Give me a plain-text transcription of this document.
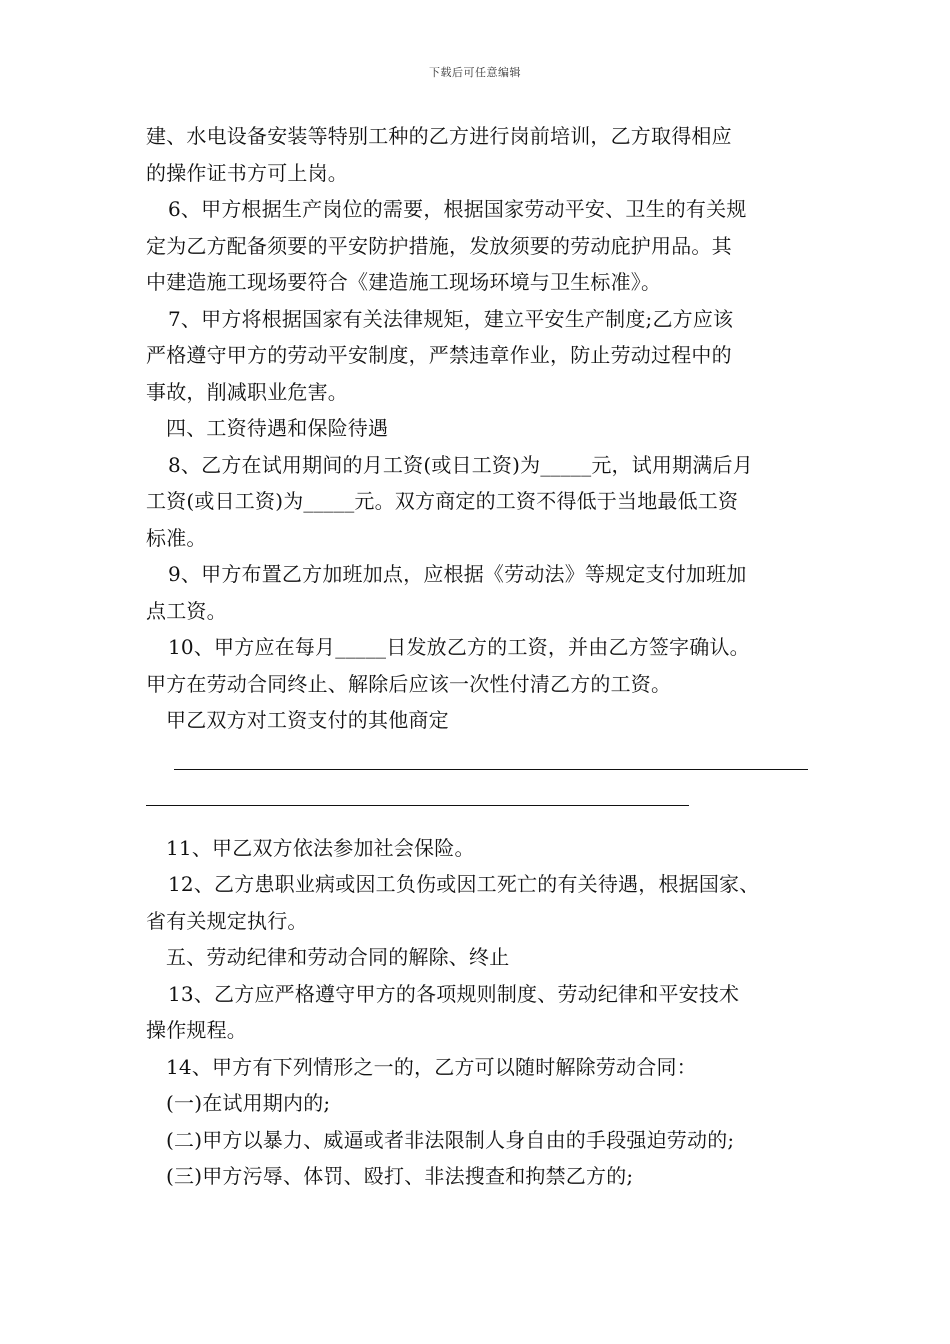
下载后可任意编辑
建、水电设备安装等特别工种的乙方进行岗前培训，乙方取得相应
的操作证书方可上岗。
6、甲方根据生产岗位的需要，根据国家劳动平安、卫生的有关规
定为乙方配备须要的平安防护措施，发放须要的劳动庇护用品。其
中建造施工现场要符合《建造施工现场环境与卫生标准》。
7、甲方将根据国家有关法律规矩，建立平安生产制度;乙方应该
严格遵守甲方的劳动平安制度，严禁违章作业，防止劳动过程中的
事故，削减职业危害。
四、工资待遇和保险待遇
8、乙方在试用期间的月工资(或日工资)为_____元，试用期满后月
工资(或日工资)为_____元。双方商定的工资不得低于当地最低工资
标准。
9、甲方布置乙方加班加点，应根据《劳动法》等规定支付加班加
点工资。
10、甲方应在每月_____日发放乙方的工资，并由乙方签字确认。
甲方在劳动合同终止、解除后应该一次性付清乙方的工资。
甲乙双方对工资支付的其他商定
11、甲乙双方依法参加社会保险。
12、乙方患职业病或因工负伤或因工死亡的有关待遇，根据国家、
省有关规定执行。
五、劳动纪律和劳动合同的解除、终止
13、乙方应严格遵守甲方的各项规则制度、劳动纪律和平安技术
操作规程。
14、甲方有下列情形之一的，乙方可以随时解除劳动合同：
(一)在试用期内的;
(二)甲方以暴力、威逼或者非法限制人身自由的手段强迫劳动的;
(三)甲方污辱、体罚、殴打、非法搜查和拘禁乙方的;
